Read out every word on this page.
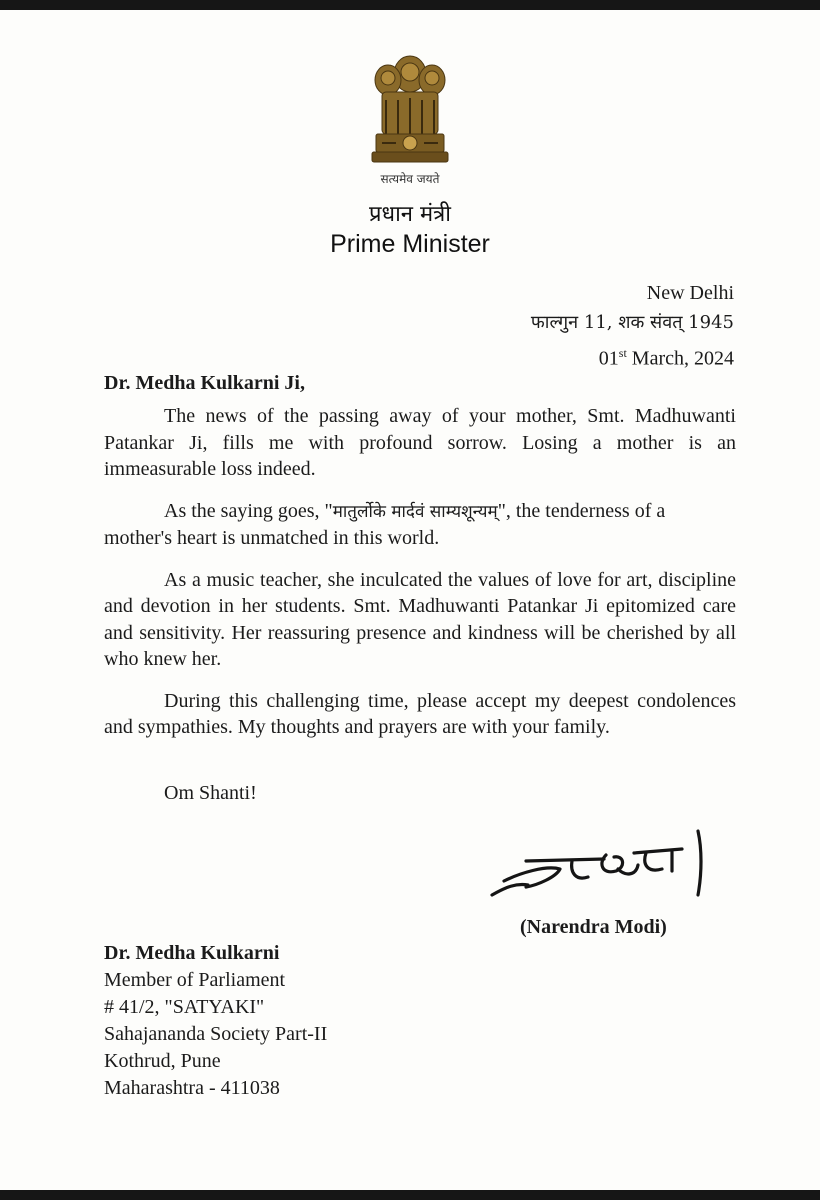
सत्यमेव जयते
प्रधान मंत्री
Prime Minister
New Delhi
फाल्गुन 11, शक संवत् 1945
01st March, 2024
Dr. Medha Kulkarni Ji,

The news of the passing away of your mother, Smt. Madhuwanti Patankar Ji, fills me with profound sorrow. Losing a mother is an immeasurable loss indeed.

As the saying goes, "मातुर्लोके मार्दवं साम्यशून्यम्", the tenderness of a mother's heart is unmatched in this world.

As a music teacher, she inculcated the values of love for art, discipline and devotion in her students. Smt. Madhuwanti Patankar Ji epitomized care and sensitivity. Her reassuring presence and kindness will be cherished by all who knew her.

During this challenging time, please accept my deepest condolences and sympathies. My thoughts and prayers are with your family.

Om Shanti!
(Narendra Modi)
Dr. Medha Kulkarni
Member of Parliament
# 41/2, "SATYAKI"
Sahajananda Society Part-II
Kothrud, Pune
Maharashtra - 411038
